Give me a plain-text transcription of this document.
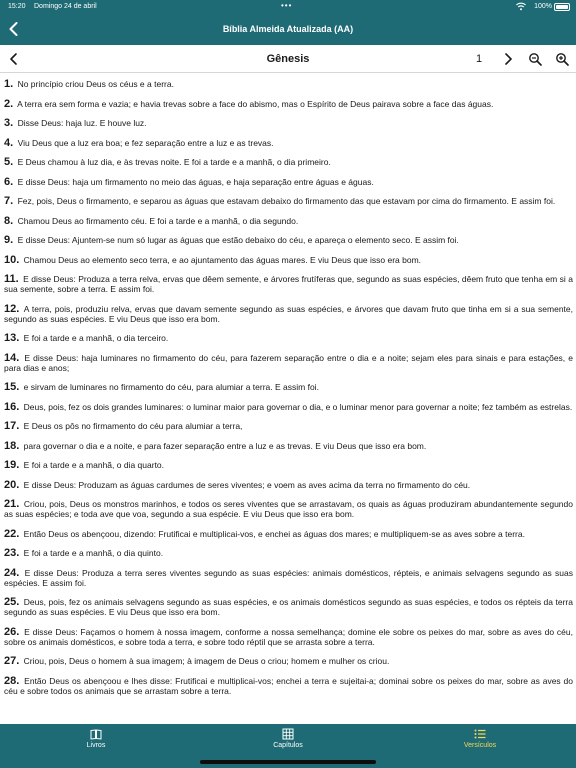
15:20 Domingo 24 de abril	•••	100%
Bíblia Almeida Atualizada (AA)
Gênesis	1
1. No princípio criou Deus os céus e a terra.
2. A terra era sem forma e vazia; e havia trevas sobre a face do abismo, mas o Espírito de Deus pairava sobre a face das águas.
3. Disse Deus: haja luz. E houve luz.
4. Viu Deus que a luz era boa; e fez separação entre a luz e as trevas.
5. E Deus chamou à luz dia, e às trevas noite. E foi a tarde e a manhã, o dia primeiro.
6. E disse Deus: haja um firmamento no meio das águas, e haja separação entre águas e águas.
7. Fez, pois, Deus o firmamento, e separou as águas que estavam debaixo do firmamento das que estavam por cima do firmamento. E assim foi.
8. Chamou Deus ao firmamento céu. E foi a tarde e a manhã, o dia segundo.
9. E disse Deus: Ajuntem-se num só lugar as águas que estão debaixo do céu, e apareça o elemento seco. E assim foi.
10. Chamou Deus ao elemento seco terra, e ao ajuntamento das águas mares. E viu Deus que isso era bom.
11. E disse Deus: Produza a terra relva, ervas que dêem semente, e árvores frutíferas que, segundo as suas espécies, dêem fruto que tenha em si a sua semente, sobre a terra. E assim foi.
12. A terra, pois, produziu relva, ervas que davam semente segundo as suas espécies, e árvores que davam fruto que tinha em si a sua semente, segundo as suas espécies. E viu Deus que isso era bom.
13. E foi a tarde e a manhã, o dia terceiro.
14. E disse Deus: haja luminares no firmamento do céu, para fazerem separação entre o dia e a noite; sejam eles para sinais e para estações, e para dias e anos;
15. e sirvam de luminares no firmamento do céu, para alumiar a terra. E assim foi.
16. Deus, pois, fez os dois grandes luminares: o luminar maior para governar o dia, e o luminar menor para governar a noite; fez também as estrelas.
17. E Deus os pôs no firmamento do céu para alumiar a terra,
18. para governar o dia e a noite, e para fazer separação entre a luz e as trevas. E viu Deus que isso era bom.
19. E foi a tarde e a manhã, o dia quarto.
20. E disse Deus: Produzam as águas cardumes de seres viventes; e voem as aves acima da terra no firmamento do céu.
21. Criou, pois, Deus os monstros marinhos, e todos os seres viventes que se arrastavam, os quais as águas produziram abundantemente segundo as suas espécies; e toda ave que voa, segundo a sua espécie. E viu Deus que isso era bom.
22. Então Deus os abençoou, dizendo: Frutificai e multiplicai-vos, e enchei as águas dos mares; e multipliquem-se as aves sobre a terra.
23. E foi a tarde e a manhã, o dia quinto.
24. E disse Deus: Produza a terra seres viventes segundo as suas espécies: animais domésticos, répteis, e animais selvagens segundo as suas espécies. E assim foi.
25. Deus, pois, fez os animais selvagens segundo as suas espécies, e os animais domésticos segundo as suas espécies, e todos os répteis da terra segundo as suas espécies. E viu Deus que isso era bom.
26. E disse Deus: Façamos o homem à nossa imagem, conforme a nossa semelhança; domine ele sobre os peixes do mar, sobre as aves do céu, sobre os animais domésticos, e sobre toda a terra, e sobre todo réptil que se arrasta sobre a terra.
27. Criou, pois, Deus o homem à sua imagem; à imagem de Deus o criou; homem e mulher os criou.
28. Então Deus os abençoou e lhes disse: Frutificai e multiplicai-vos; enchei a terra e sujeitai-a; dominai sobre os peixes do mar, sobre as aves do céu e sobre todos os animais que se arrastam sobre a terra.
Livros	Capítulos	Versículos
